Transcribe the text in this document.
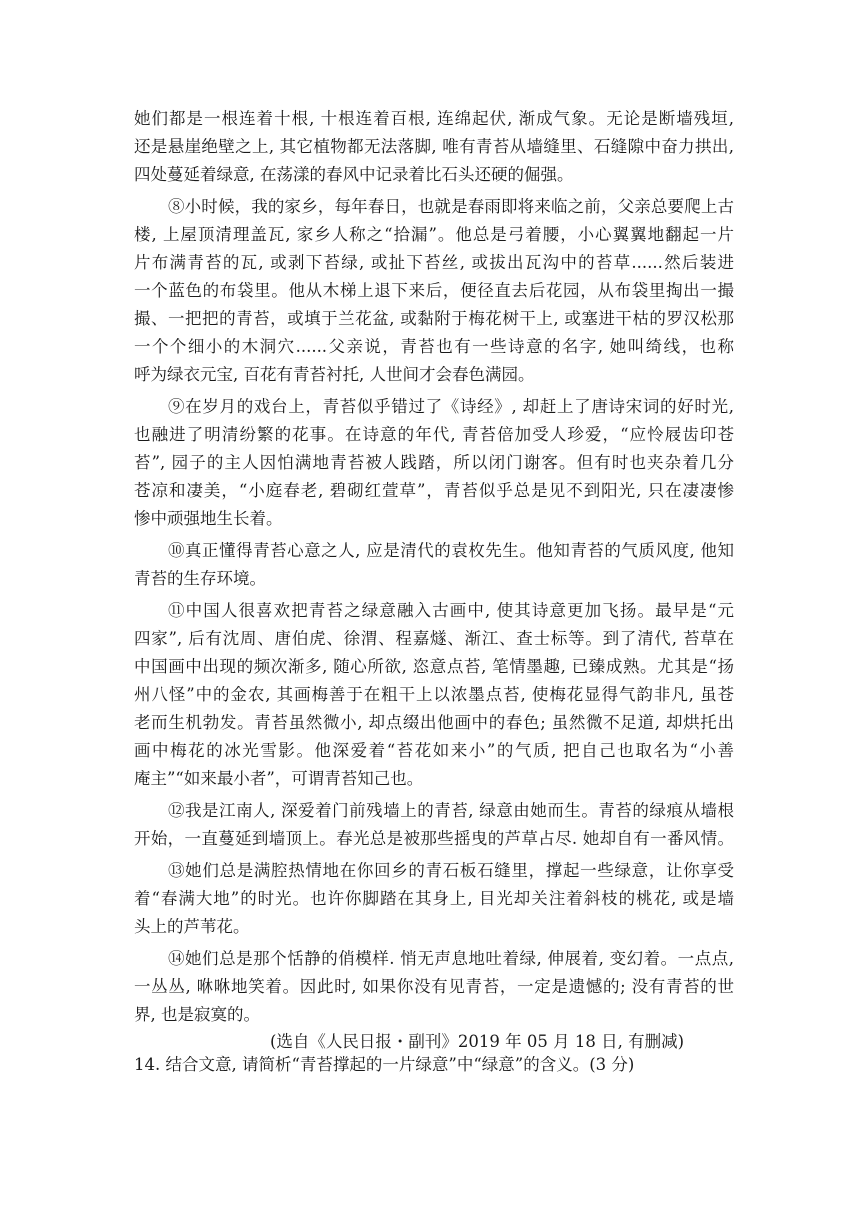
她们都是一根连着十根, 十根连着百根, 连绵起伏, 渐成气象。无论是断墙残垣,
还是悬崖绝壁之上, 其它植物都无法落脚, 唯有青苔从墙缝里、石缝隙中奋力拱出,
四处蔓延着绿意, 在荡漾的春风中记录着比石头还硬的倔强。
⑧小时候，我的家乡，每年春日，也就是春雨即将来临之前，父亲总要爬上古
楼, 上屋顶清理盖瓦, 家乡人称之“拾漏”。他总是弓着腰，小心翼翼地翻起一片
片布满青苔的瓦, 或剥下苔绿, 或扯下苔丝, 或拔出瓦沟中的苔草......然后装进
一个蓝色的布袋里。他从木梯上退下来后，便径直去后花园，从布袋里掏出一撮
撮、一把把的青苔，或填于兰花盆, 或黏附于梅花树干上, 或塞进干枯的罗汉松那
一个个细小的木洞穴......父亲说，青苔也有一些诗意的名字, 她叫绮线，也称
呼为绿衣元宝, 百花有青苔衬托, 人世间才会春色满园。
⑨在岁月的戏台上，青苔似乎错过了《诗经》, 却赶上了唐诗宋词的好时光,
也融进了明清纷繁的花事。在诗意的年代, 青苔倍加受人珍爱，“应怜屐齿印苍
苔”, 园子的主人因怕满地青苔被人践踏，所以闭门谢客。但有时也夹杂着几分
苍凉和凄美，“小庭春老, 碧砌红萱草”，青苔似乎总是见不到阳光, 只在凄凄惨
惨中顽强地生长着。
⑩真正懂得青苔心意之人, 应是清代的袁枚先生。他知青苔的气质风度, 他知
青苔的生存环境。
⑪中国人很喜欢把青苔之绿意融入古画中, 使其诗意更加飞扬。最早是“元
四家”, 后有沈周、唐伯虎、徐渭、程嘉燧、渐江、查士标等。到了清代, 苔草在
中国画中出现的频次渐多, 随心所欲, 恣意点苔, 笔情墨趣, 已臻成熟。尤其是“扬
州八怪”中的金农, 其画梅善于在粗干上以浓墨点苔, 使梅花显得气韵非凡, 虽苍
老而生机勃发。青苔虽然微小, 却点缀出他画中的春色; 虽然微不足道, 却烘托出
画中梅花的冰光雪影。他深爱着“苔花如来小”的气质, 把自己也取名为“小善
庵主”“如来最小者”，可谓青苔知己也。
⑫我是江南人, 深爱着门前残墙上的青苔, 绿意由她而生。青苔的绿痕从墙根
开始，一直蔓延到墙顶上。春光总是被那些摇曳的芦草占尽. 她却自有一番风情。
⑬她们总是满腔热情地在你回乡的青石板石缝里，撑起一些绿意，让你享受
着“春满大地”的时光。也许你脚踏在其身上, 目光却关注着斜枝的桃花, 或是墙
头上的芦苇花。
⑭她们总是那个恬静的俏模样. 悄无声息地吐着绿, 伸展着, 变幻着。一点点,
一丛丛, 咻咻地笑着。因此时, 如果你没有见青苔，一定是遗憾的; 没有青苔的世
界, 也是寂寞的。
(选自《人民日报・副刊》2019 年 05 月 18 日, 有删减)
14. 结合文意, 请简析“青苔撑起的一片绿意”中“绿意”的含义。(3 分)
